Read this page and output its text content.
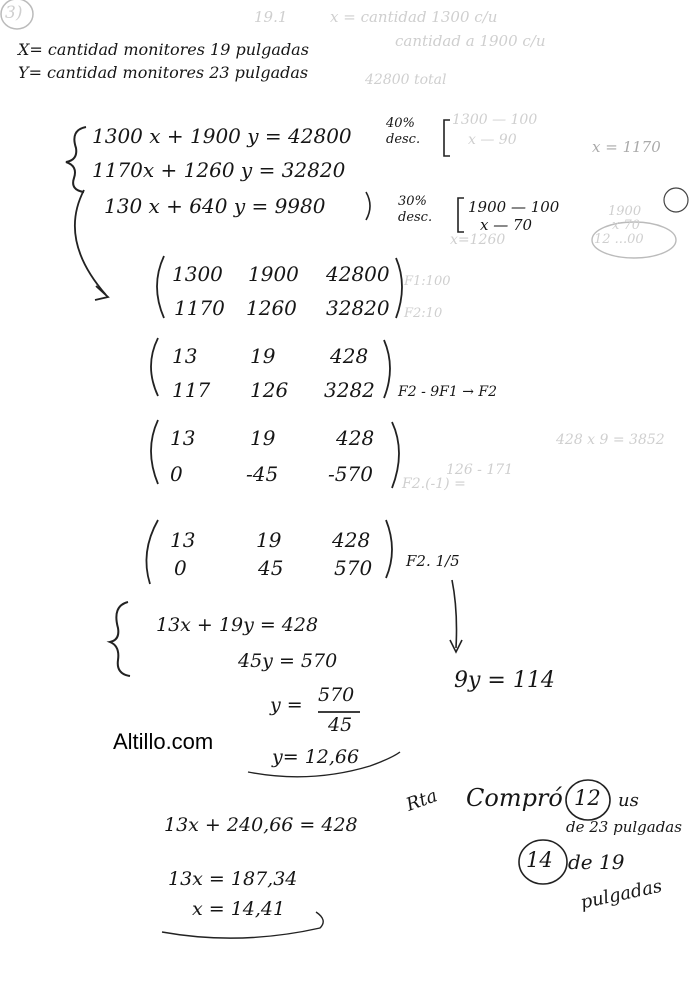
3)	19.1	x = cantidad 1300 c/u
cantidad a 1900 c/u
42800 total
X= cantidad monitores 19 pulgadas
Y= cantidad monitores 23 pulgadas
1300 x + 1900 y = 42800
1170x + 1260 y = 32820
130 x + 640 y = 9980
40% desc.
1300 — 100
x — 90	x = 1170
30% desc.
1900 — 100
x — 70
x=1260
1900
x 70
12 ...00
1300 1900 42800
1170 1260 32820
F1:100 F2:10
13	19	428
117 126 3282 F2 - 9F1 → F2
13	19	428
0	-45 -570 F2.(-1) =
13	19	428
0	45	570 F2. 1/5
428 x 9 = 3852
126 - 171
9y = 114
13x + 19y = 428
45y = 570
y = 570
45
y= 12,66
Altillo.com
13x + 240,66 = 428
13x = 187,34
x = 14,41
Rta Compró 12 us
de 23 pulgadas
14 de 19
pulgadas
